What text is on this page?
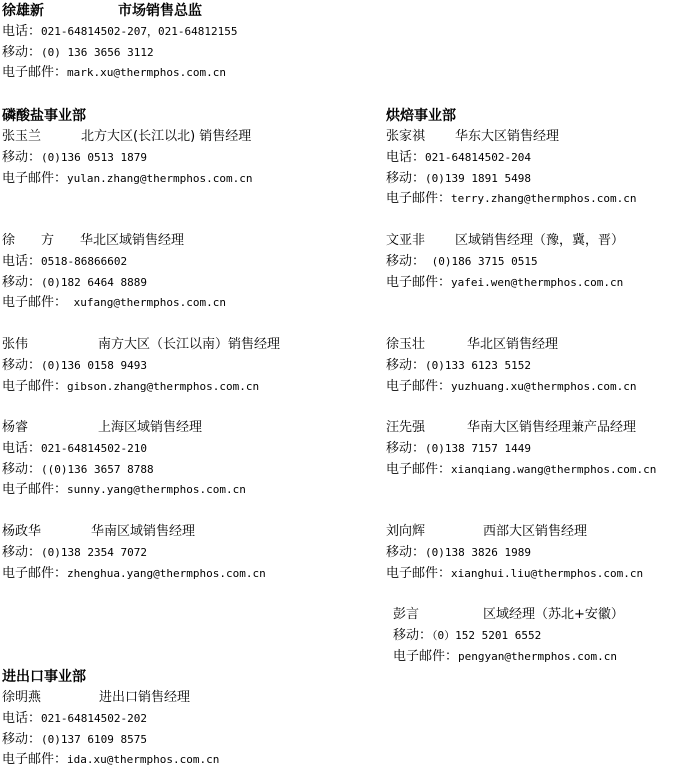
徐雄新	市场销售总监
电话：021-64814502-207，021-64812155
移动：(0) 136 3656 3112
电子邮件：mark.xu@thermphos.com.cn
磷酸盐事业部	烘焙事业部
进出口事业部
张玉兰	北方大区(长江以北) 销售经理
移动：(0)136 0513 1879
电子邮件：yulan.zhang@thermphos.com.cn
徐　　方 华北区域销售经理
电话：0518-86866602
移动：(0)182 6464 8889
电子邮件： xufang@thermphos.com.cn
张伟	南方大区（长江以南）销售经理
移动：(0)136 0158 9493
电子邮件：gibson.zhang@thermphos.com.cn
杨睿	上海区域销售经理
电话：021-64814502-210
移动：((0)136 3657 8788
电子邮件：sunny.yang@thermphos.com.cn
杨政华	华南区域销售经理
移动：(0)138 2354 7072
电子邮件：zhenghua.yang@thermphos.com.cn
徐明燕	进出口销售经理
电话：021-64814502-202
移动：(0)137 6109 8575
电子邮件：ida.xu@thermphos.com.cn
张家祺 华东大区销售经理
电话：021-64814502-204
移动：(0)139 1891 5498
电子邮件：terry.zhang@thermphos.com.cn
文亚非 区域销售经理（豫，冀，晋）
移动： (0)186 3715 0515
电子邮件：yafei.wen@thermphos.com.cn
徐玉壮	华北区销售经理
移动：(0)133 6123 5152
电子邮件：yuzhuang.xu@thermphos.com.cn
汪先强	华南大区销售经理兼产品经理
移动：(0)138 7157 1449
电子邮件：xianqiang.wang@thermphos.com.cn
刘向辉	西部大区销售经理
移动：(0)138 3826 1989
电子邮件：xianghui.liu@thermphos.com.cn
彭言	区域经理（苏北+安徽）
移动：（0）152 5201 6552
电子邮件：pengyan@thermphos.com.cn
